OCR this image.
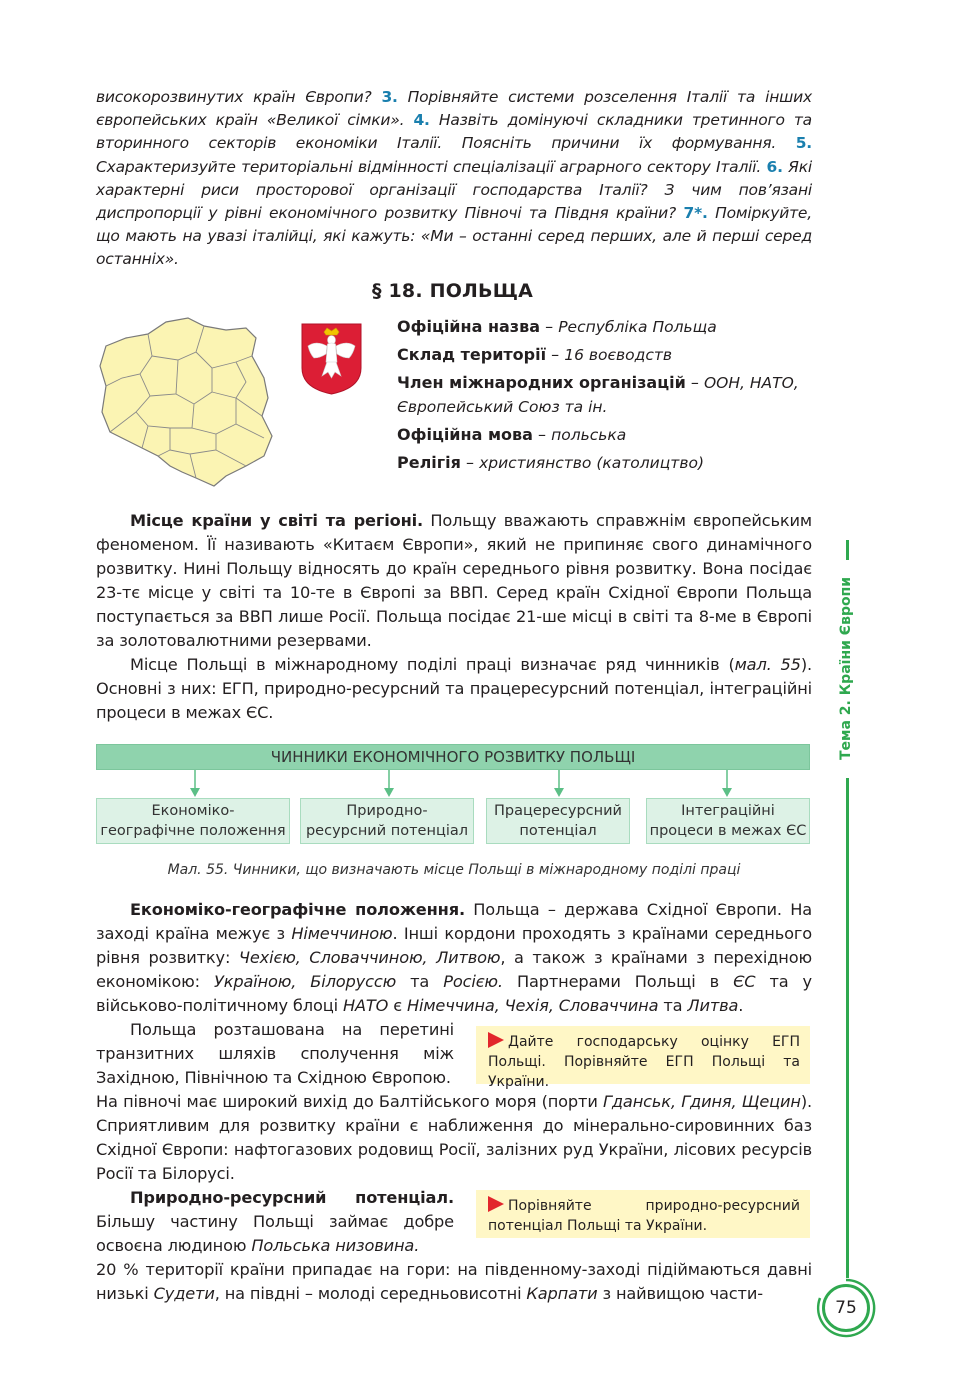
високорозвинутих країн Європи? 3. Порівняйте системи розселення Італії та інших європейських країн «Великої сімки». 4. Назвіть домінуючі складники третинного та вторинного секторів економіки Італії. Поясніть причини їх формування. 5. Схарактеризуйте територіальні відмінності спеціалізації аграрного сектору Італії. 6. Які характерні риси просторової організації господарства Італії? З чим пов’язані диспропорції у рівні економічного розвитку Півночі та Півдня країни? 7*. Поміркуйте, що мають на увазі італійці, які кажуть: «Ми – останні серед перших, але й перші серед останніх».
§ 18. ПОЛЬЩА
Офіційна назва – Республіка Польща
Склад території – 16 воєводств
Член міжнародних організацій – ООН, НАТО, Європейський Союз та ін.
Офіційна мова – польська
Релігія – християнство (католицтво)
Місце країни у світі та регіоні. Польщу вважають справжнім європейським феноменом. Її називають «Китаєм Європи», який не припиняє свого динамічного розвитку. Нині Польщу відносять до країн середнього рівня розвитку. Вона посідає 23-тє місце у світі та 10-те в Європі за ВВП. Серед країн Східної Європи Польща поступається за ВВП лише Росії. Польща посідає 21-ше місці в світі та 8-ме в Європі за золотовалютними резервами.
Місце Польщі в міжнародному поділі праці визначає ряд чинників (мал. 55). Основні з них: ЕГП, природно-ресурсний та працересурсний потенціал, інтеграційні процеси в межах ЄС.
ЧИННИКИ ЕКОНОМІЧНОГО РОЗВИТКУ ПОЛЬЩІ
Економіко-
географічне положення
Природно-
ресурсний потенціал
Працересурсний
потенціал
Інтеграційні
процеси в межах ЄС
Мал. 55. Чинники, що визначають місце Польщі в міжнародному поділі праці
Економіко-географічне положення. Польща – держава Східної Європи. На заході країна межує з Німеччиною. Інші кордони проходять з країнами середнього рівня розвитку: Чехією, Словаччиною, Литвою, а також з країнами з перехідною економікою: Україною, Білоруссю та Росією. Партнерами Польщі в ЄС та у військово-політичному блоці НАТО є Німеччина, Чехія, Словаччина та Литва.
Польща розташована на перетині транзитних шляхів сполучення між Західною, Північною та Східною Європою.
Дайте господарську оцінку ЕГП Польщі. Порівняйте ЕГП Польщі та України.
На півночі має широкий вихід до Балтійського моря (порти Гданськ, Гдиня, Щецин). Сприятливим для розвитку країни є наближення до мінерально-сировинних баз Східної Європи: нафтогазових родовищ Росії, залізних руд України, лісових ресурсів Росії та Білорусі.
Природно-ресурсний потенціал. Більшу частину Польщі займає добре освоєна людиною Польська низовина.
Порівняйте природно-ресурсний потенціал Польщі та України.
20 % території країни припадає на гори: на південному-заході підіймаються давні низькі Судети, на півдні – молоді середньовисотні Карпати з найвищою части-
Тема 2. Країни Європи
75
